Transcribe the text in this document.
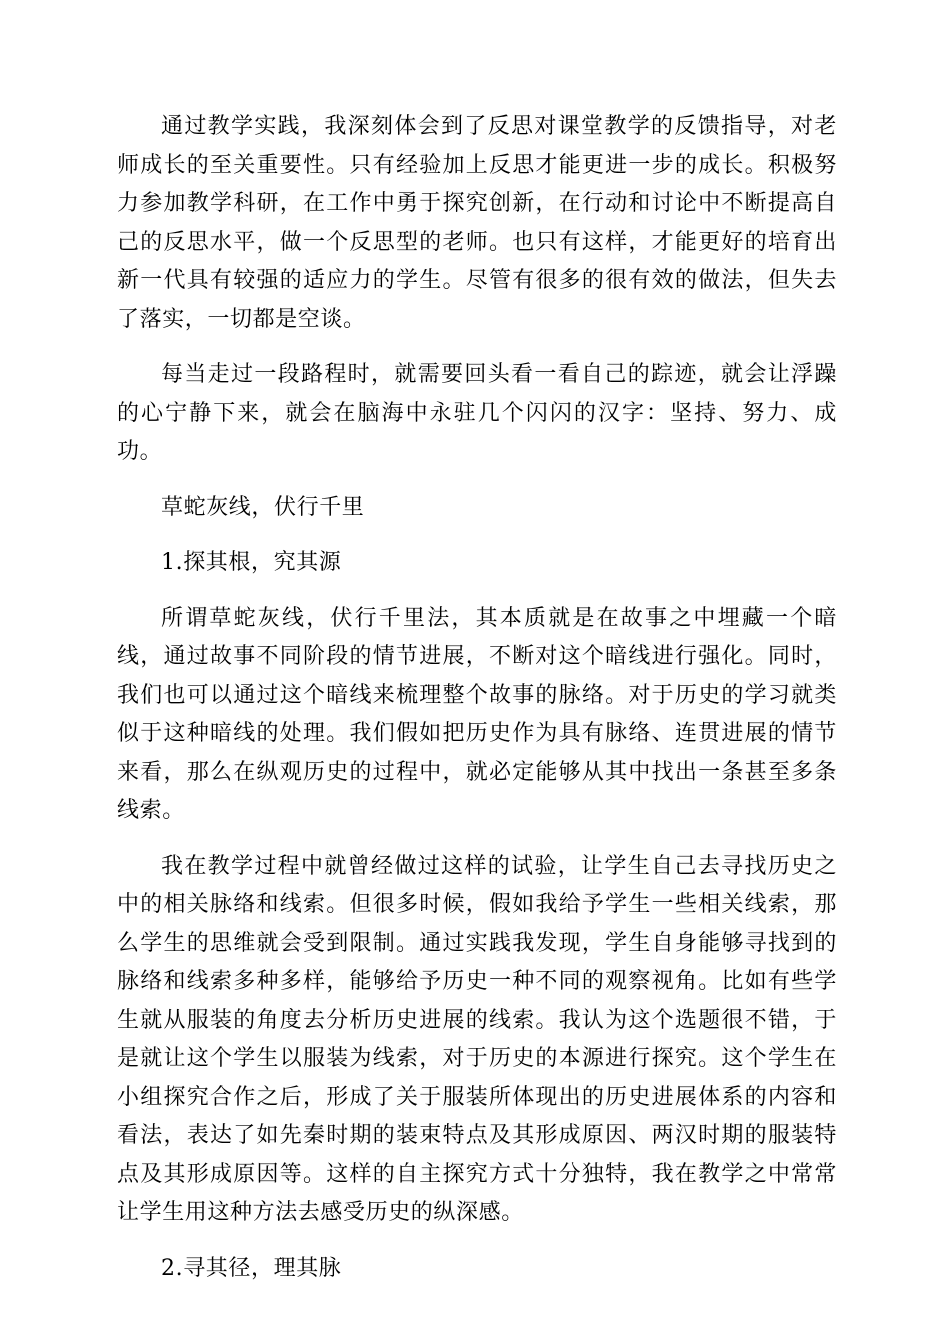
通过教学实践，我深刻体会到了反思对课堂教学的反馈指导，对老师成长的至关重要性。只有经验加上反思才能更进一步的成长。积极努力参加教学科研，在工作中勇于探究创新，在行动和讨论中不断提高自己的反思水平，做一个反思型的老师。也只有这样，才能更好的培育出新一代具有较强的适应力的学生。尽管有很多的很有效的做法，但失去了落实，一切都是空谈。

每当走过一段路程时，就需要回头看一看自己的踪迹，就会让浮躁的心宁静下来，就会在脑海中永驻几个闪闪的汉字：坚持、努力、成功。

草蛇灰线，伏行千里

1.探其根，究其源

所谓草蛇灰线，伏行千里法，其本质就是在故事之中埋藏一个暗线，通过故事不同阶段的情节进展，不断对这个暗线进行强化。同时，我们也可以通过这个暗线来梳理整个故事的脉络。对于历史的学习就类似于这种暗线的处理。我们假如把历史作为具有脉络、连贯进展的情节来看，那么在纵观历史的过程中，就必定能够从其中找出一条甚至多条线索。

我在教学过程中就曾经做过这样的试验，让学生自己去寻找历史之中的相关脉络和线索。但很多时候，假如我给予学生一些相关线索，那么学生的思维就会受到限制。通过实践我发现，学生自身能够寻找到的脉络和线索多种多样，能够给予历史一种不同的观察视角。比如有些学生就从服装的角度去分析历史进展的线索。我认为这个选题很不错，于是就让这个学生以服装为线索，对于历史的本源进行探究。这个学生在小组探究合作之后，形成了关于服装所体现出的历史进展体系的内容和看法，表达了如先秦时期的装束特点及其形成原因、两汉时期的服装特点及其形成原因等。这样的自主探究方式十分独特，我在教学之中常常让学生用这种方法去感受历史的纵深感。

2.寻其径，理其脉
